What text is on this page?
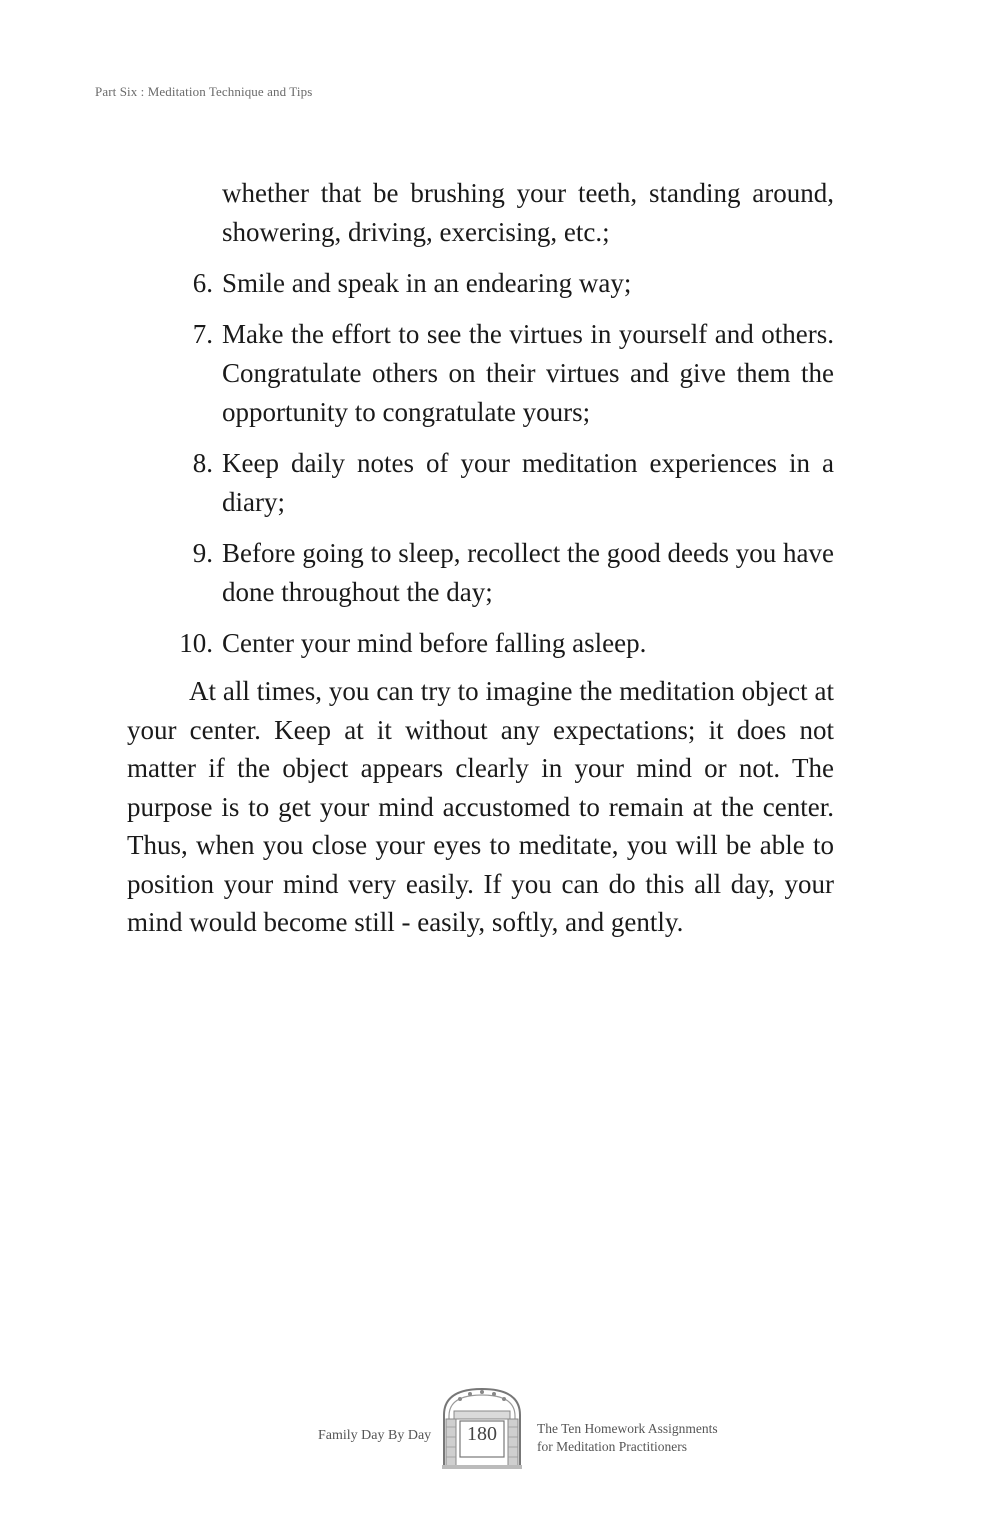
Part Six : Meditation Technique and Tips
whether that be brushing your teeth, standing around, showering, driving, exercising, etc.;
6. Smile and speak in an endearing way;
7. Make the effort to see the virtues in yourself and others. Congratulate others on their virtues and give them the opportunity to congratulate yours;
8. Keep daily notes of your meditation experiences in a diary;
9. Before going to sleep, recollect the good deeds you have done throughout the day;
10. Center your mind before falling asleep.

At all times, you can try to imagine the meditation object at your center. Keep at it without any expectations; it does not matter if the object appears clearly in your mind or not. The purpose is to get your mind accustomed to remain at the center. Thus, when you close your eyes to meditate, you will be able to position your mind very easily. If you can do this all day, your mind would become still - easily, softly, and gently.

Family Day By Day	180	The Ten Homework Assignments
for Meditation Practitioners
